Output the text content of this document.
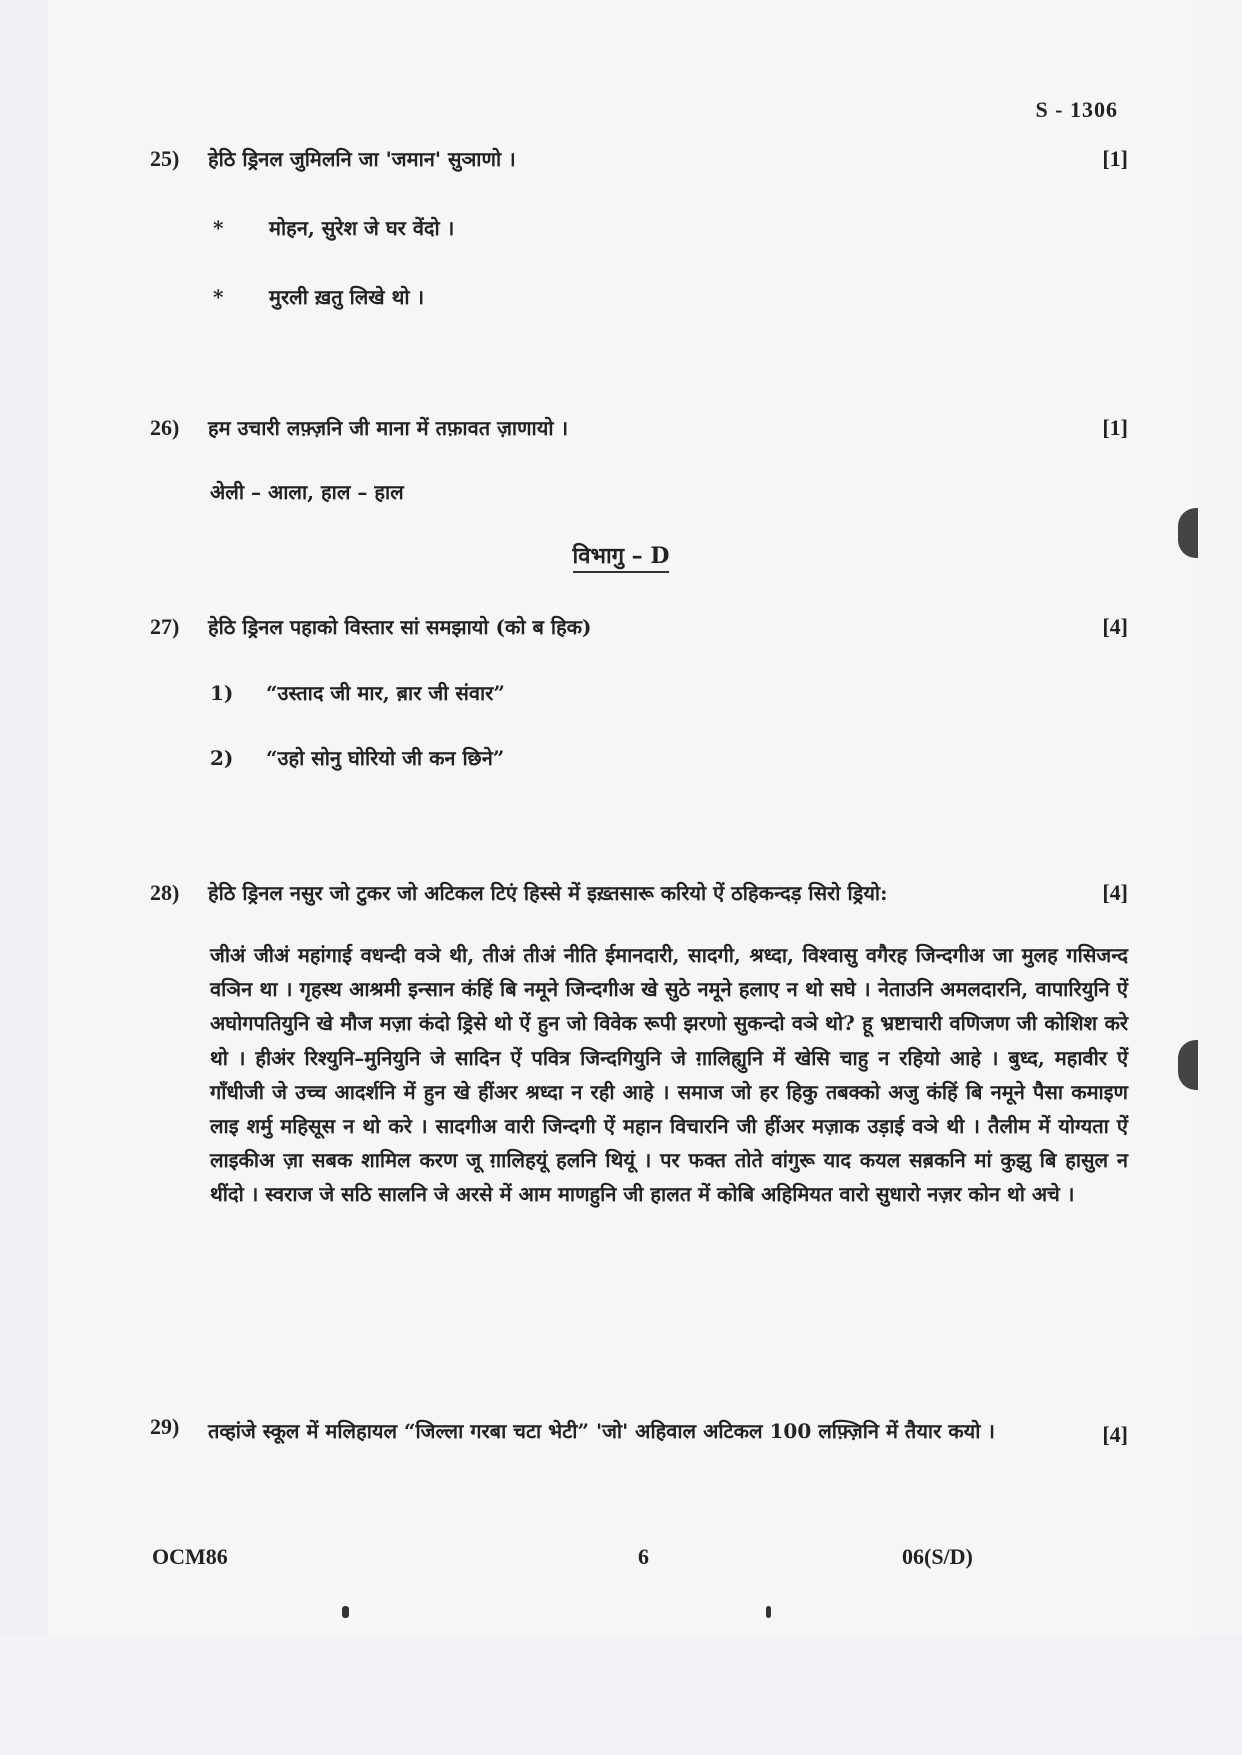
S - 1306
25)	हेठि ड्रिनल जुमिलनि जा 'जमान' सुञाणो ।	[1]
* मोहन, सुरेश जे घर वेंदो ।
* मुरली ख़तु लिखे थो ।
26)	हम उचारी लफ़्ज़नि जी माना में तफ़ावत ज़ाणायो ।	[1]
अेली – आला, हाल – हाल
विभागु – D
27)	हेठि ड्रिनल पहाको विस्तार सां समझायो (को ब हिक)	[4]
1) “उस्ताद जी मार, ब़ार जी संवार”
2) “उहो सोनु घोरियो जी कन छिने”
28)	हेठि ड्रिनल नसुर जो टुकर जो अटिकल टिएं हिस्से में इख़्तसारू करियो ऐं ठहिकन्दड़ सिरो ड्रियो:	[4]
जीअं जीअं महांगाई वधन्दी वञे थी, तीअं तीअं नीति ईमानदारी, सादगी, श्रध्दा, विश्वासु वगैरह जिन्दगीअ जा मुलह गसिजन्द वञिन था । गृहस्थ आश्रमी इन्सान कंहिं बि नमूने जिन्दगीअ खे सुठे नमूने हलाए न थो सघे । नेताउनि अमलदारनि, वापारियुनि ऐं अघोगपतियुनि खे मौज मज़ा कंदो ड्रिसे थो ऐं हुन जो विवेक रूपी झरणो सुकन्दो वञे थो? हू भ्रष्टाचारी वणिजण जी कोशिश करे थो । हीअंर रिश्युनि–मुनियुनि जे सादिन ऐं पवित्र जिन्दगियुनि जे ग़ालिह्युनि में खेसि चाहु न रहियो आहे । बुध्द, महावीर ऐं गाँधीजी जे उच्च आदर्शनि में हुन खे हींअर श्रध्दा न रही आहे । समाज जो हर हिकु तबक्को अजु कंहिं बि नमूने पैसा कमाइण लाइ शर्मु महिसूस न थो करे । सादगीअ वारी जिन्दगी ऐं महान विचारनि जी हींअर मज़ाक उड़ाई वञे थी । तैलीम में योग्यता ऐं लाइकीअ ज़ा सबक शामिल करण जू ग़ालिहयूं हलनि थियूं । पर फक्त तोते वांगुरू याद कयल सब़कनि मां कुझु बि हासुल न थींदो । स्वराज जे सठि सालनि जे अरसे में आम माणहुनि जी हालत में कोबि अहिमियत वारो सुधारो नज़र कोन थो अचे ।
29)	तव्हांजे स्कूल में मलिहायल “जिल्ला गरबा चटा भेटी” 'जो' अहिवाल अटिकल 100 लफ़्ज़िनि में तैयार कयो ।	[4]
OCM86	6	06(S/D)
